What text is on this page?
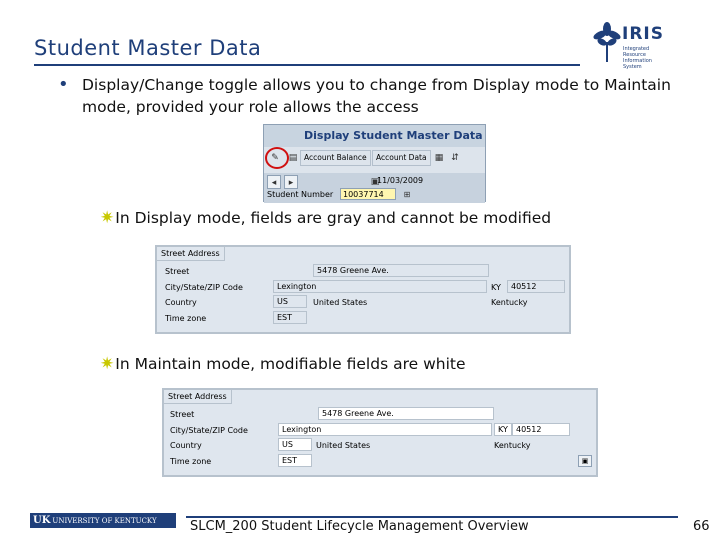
Student Master Data
IRIS
Integrated Resource Information System
• Display/Change toggle allows you to change from Display mode to Maintain mode, provided your role allows the access
Display Student Master Data
✎	▤ Account Balance	Account Data ▦ ⇵
◂	▸	▣
11/03/2009
Student Number	10037714	⊞
✷In Display mode, fields are gray and cannot be modified
Street Address
Street	5478 Greene Ave.
City/State/ZIP Code	Lexington	KY	40512
Country	US	United States	Kentucky
Time zone	EST
✷In Maintain mode, modifiable fields are white
Street Address
Street	5478 Greene Ave.
City/State/ZIP Code	Lexington	KY	40512
Country	US	United States	Kentucky
Time zone	EST	▣
UK UNIVERSITY OF KENTUCKY	SLCM_200 Student Lifecycle Management Overview	66
